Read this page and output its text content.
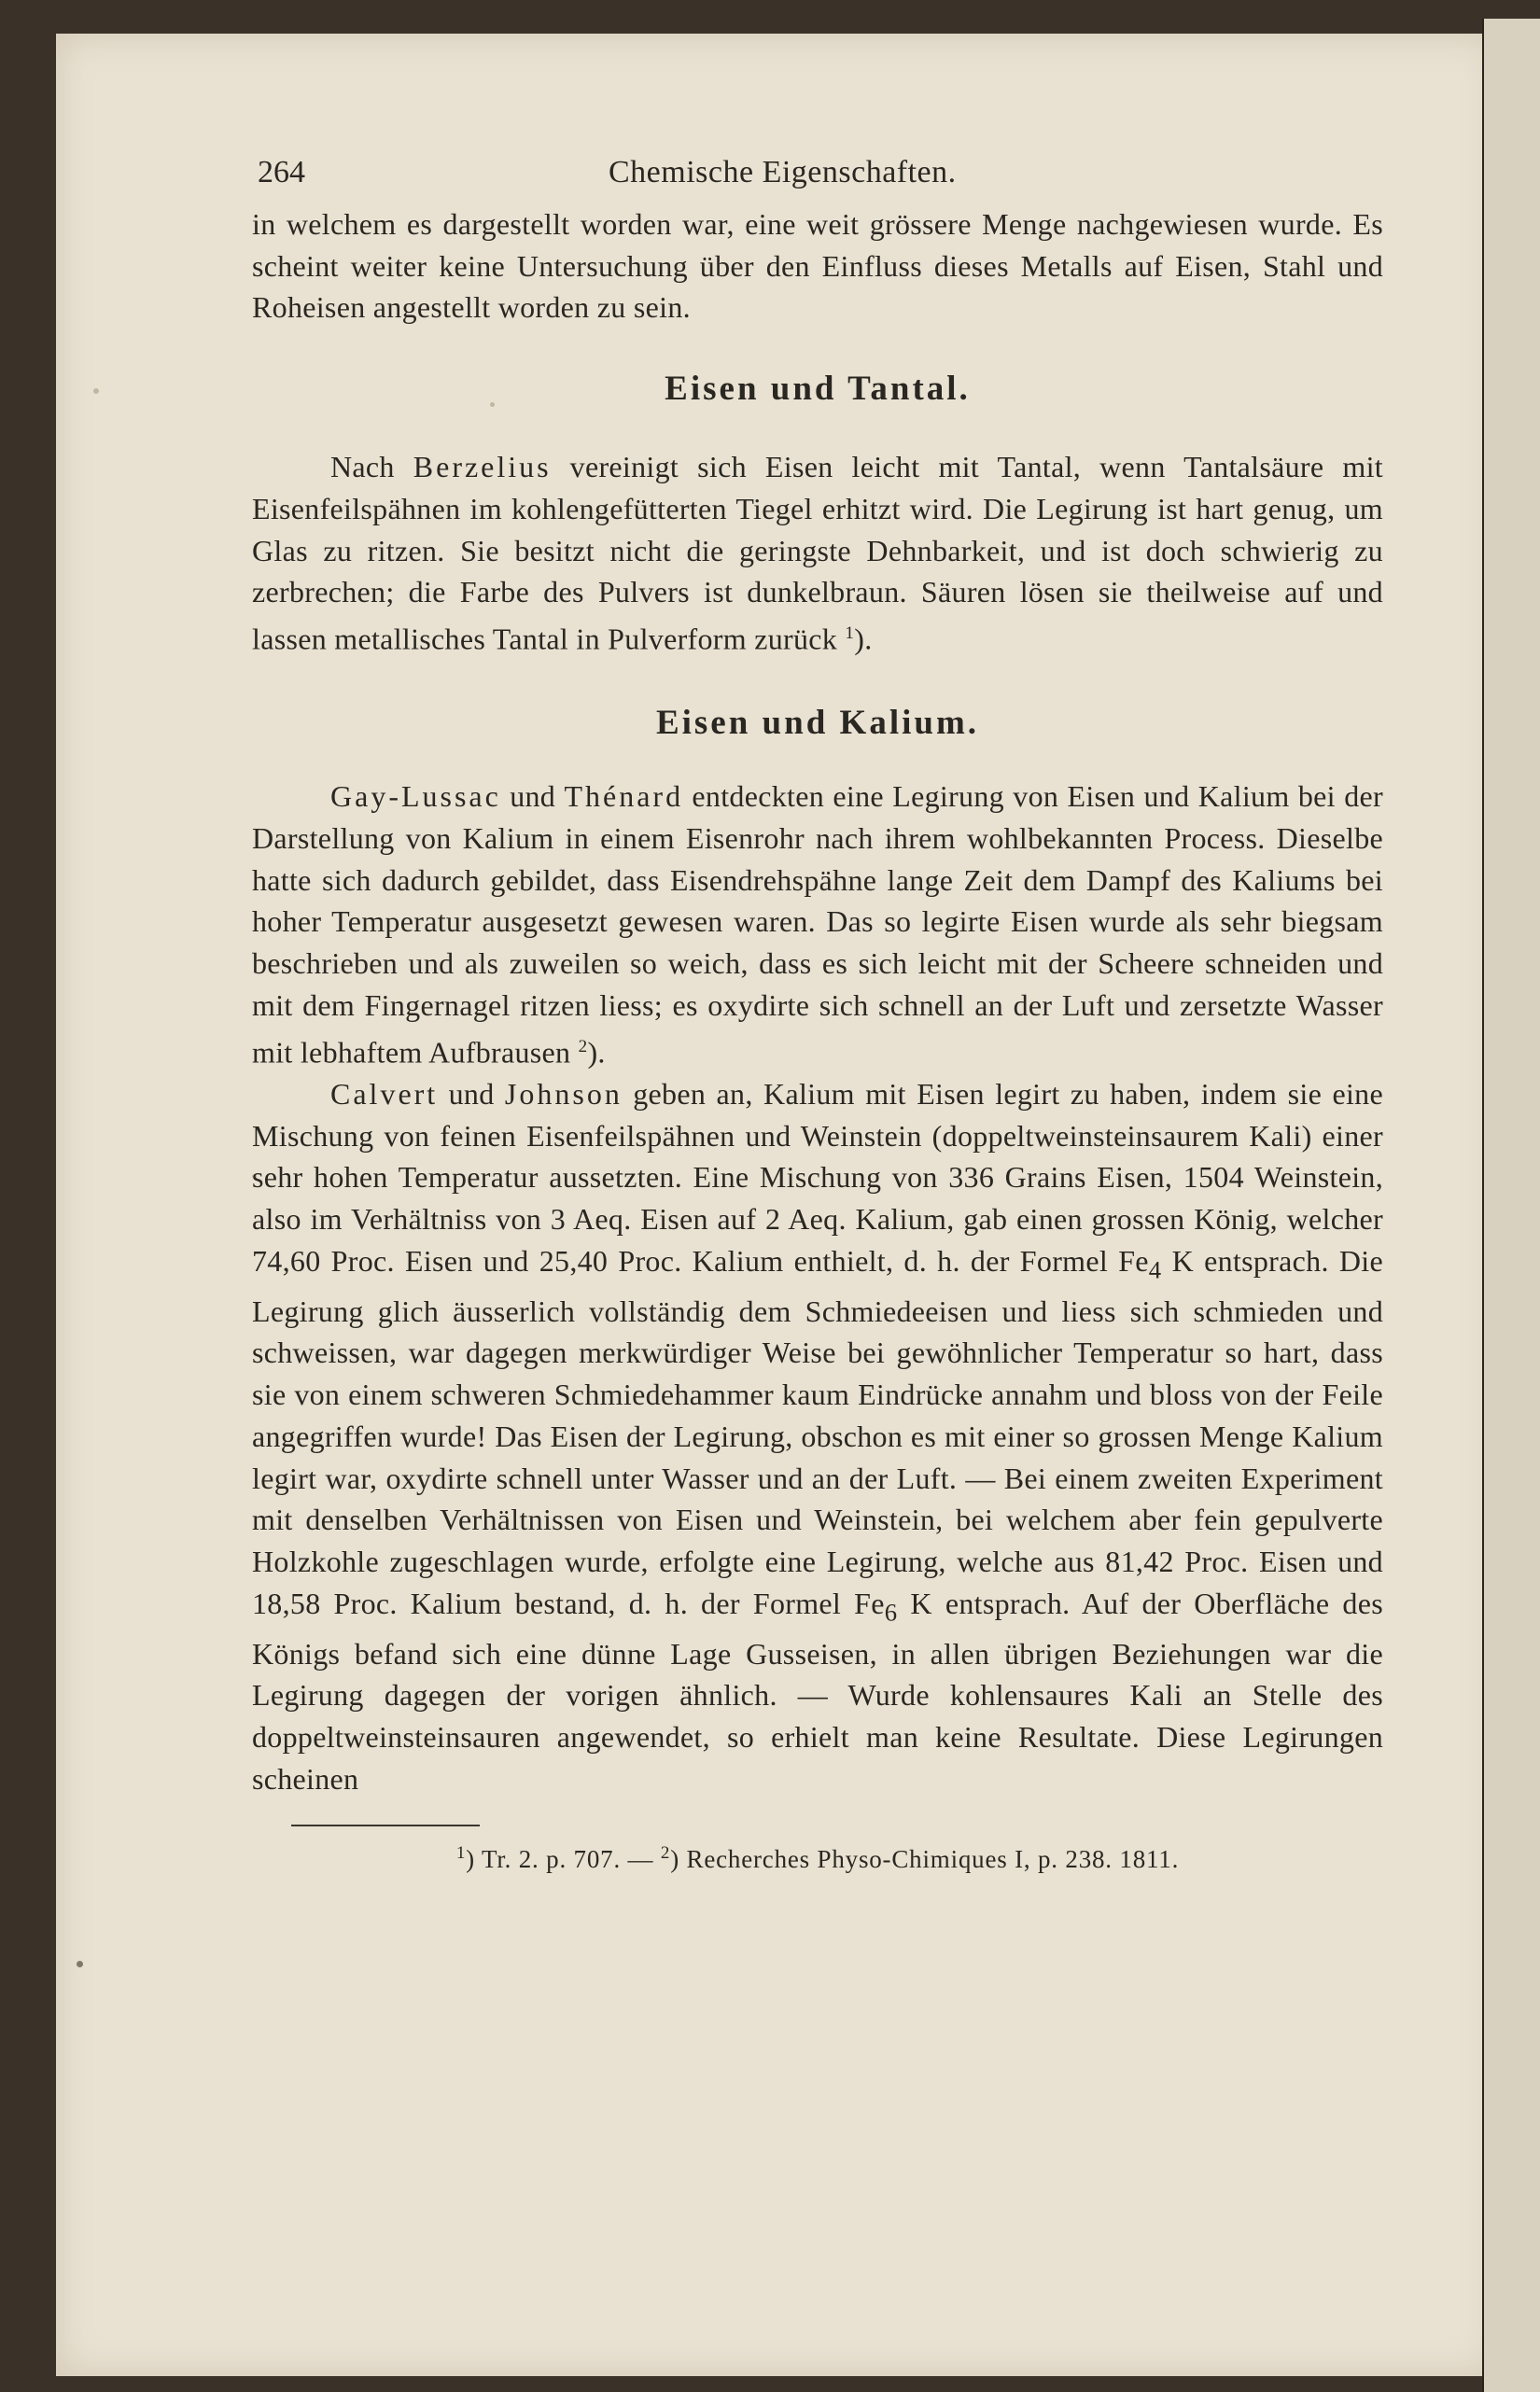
264	Chemische Eigenschaften.

in welchem es dargestellt worden war, eine weit grössere Menge nachgewiesen wurde. Es scheint weiter keine Untersuchung über den Einfluss dieses Metalls auf Eisen, Stahl und Roheisen angestellt worden zu sein.

Eisen und Tantal.

Nach Berzelius vereinigt sich Eisen leicht mit Tantal, wenn Tantalsäure mit Eisenfeilspähnen im kohlengefütterten Tiegel erhitzt wird. Die Legirung ist hart genug, um Glas zu ritzen. Sie besitzt nicht die geringste Dehnbarkeit, und ist doch schwierig zu zerbrechen; die Farbe des Pulvers ist dunkelbraun. Säuren lösen sie theilweise auf und lassen metallisches Tantal in Pulverform zurück $^1$).

Eisen und Kalium.

Gay-Lussac und Thénard entdeckten eine Legirung von Eisen und Kalium bei der Darstellung von Kalium in einem Eisenrohr nach ihrem wohlbekannten Process. Dieselbe hatte sich dadurch gebildet, dass Eisendrehspähne lange Zeit dem Dampf des Kaliums bei hoher Temperatur ausgesetzt gewesen waren. Das so legirte Eisen wurde als sehr biegsam beschrieben und als zuweilen so weich, dass es sich leicht mit der Scheere schneiden und mit dem Fingernagel ritzen liess; es oxydirte sich schnell an der Luft und zersetzte Wasser mit lebhaftem Aufbrausen $^2$).

Calvert und Johnson geben an, Kalium mit Eisen legirt zu haben, indem sie eine Mischung von feinen Eisenfeilspähnen und Weinstein (doppeltweinsteinsaurem Kali) einer sehr hohen Temperatur aussetzten. Eine Mischung von 336 Grains Eisen, 1504 Weinstein, also im Verhältniss von 3 Aeq. Eisen auf 2 Aeq. Kalium, gab einen grossen König, welcher 74,60 Proc. Eisen und 25,40 Proc. Kalium enthielt, d. h. der Formel $Fe_4$ K entsprach. Die Legirung glich äusserlich vollständig dem Schmiedeeisen und liess sich schmieden und schweissen, war dagegen merkwürdiger Weise bei gewöhnlicher Temperatur so hart, dass sie von einem schweren Schmiedehammer kaum Eindrücke annahm und bloss von der Feile angegriffen wurde! Das Eisen der Legirung, obschon es mit einer so grossen Menge Kalium legirt war, oxydirte schnell unter Wasser und an der Luft. — Bei einem zweiten Experiment mit denselben Verhältnissen von Eisen und Weinstein, bei welchem aber fein gepulverte Holzkohle zugeschlagen wurde, erfolgte eine Legirung, welche aus 81,42 Proc. Eisen und 18,58 Proc. Kalium bestand, d. h. der Formel $Fe_6$ K entsprach. Auf der Oberfläche des Königs befand sich eine dünne Lage Gusseisen, in allen übrigen Beziehungen war die Legirung dagegen der vorigen ähnlich. — Wurde kohlensaures Kali an Stelle des doppeltweinsteinsauren angewendet, so erhielt man keine Resultate. Diese Legirungen scheinen

$^1$) Tr. 2. p. 707. — $^2$) Recherches Physo-Chimiques I, p. 238. 1811.
